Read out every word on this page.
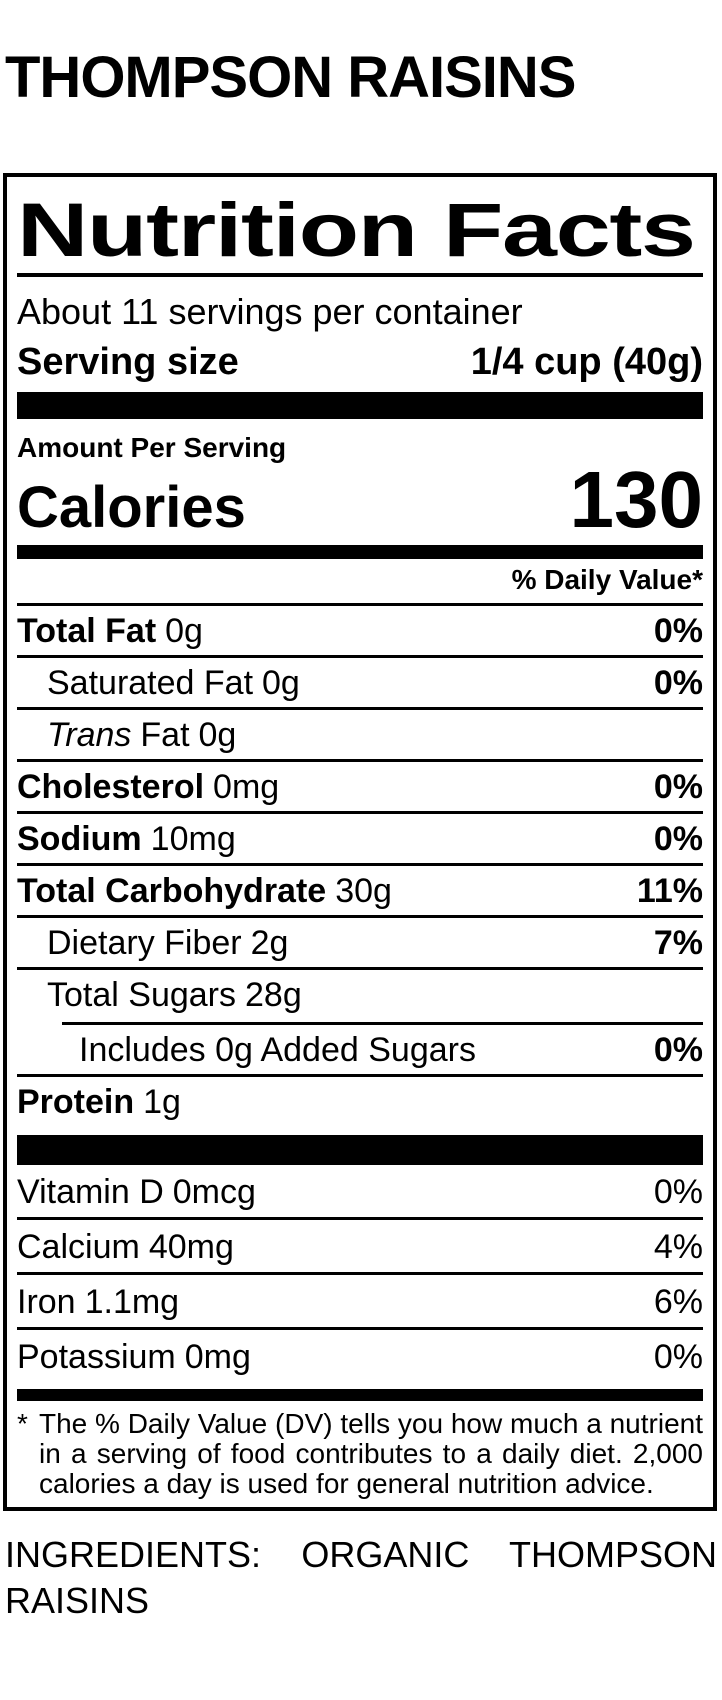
THOMPSON RAISINS
Nutrition Facts
About 11 servings per container
Serving size	1/4 cup (40g)
Amount Per Serving
Calories	130
% Daily Value*
Total Fat 0g	0%
Saturated Fat 0g	0%
Trans Fat 0g
Cholesterol 0mg	0%
Sodium 10mg	0%
Total Carbohydrate 30g	11%
Dietary Fiber 2g	7%
Total Sugars 28g
Includes 0g Added Sugars	0%
Protein 1g
Vitamin D 0mcg	0%
Calcium 40mg	4%
Iron 1.1mg	6%
Potassium 0mg	0%
* The % Daily Value (DV) tells you how much a nutrient in a serving of food contributes to a daily diet. 2,000 calories a day is used for general nutrition advice.
INGREDIENTS: ORGANIC THOMPSON RAISINS
